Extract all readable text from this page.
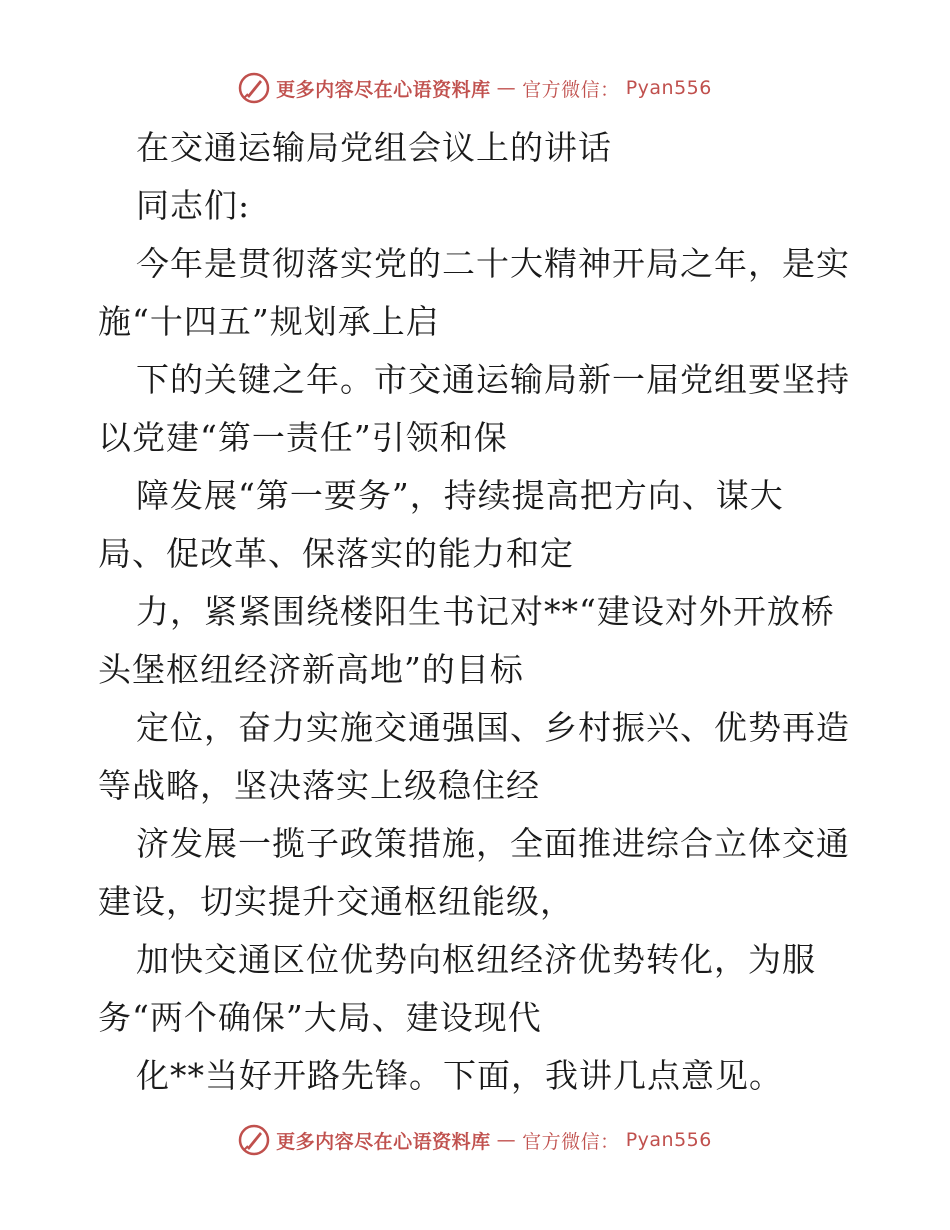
更多内容尽在心语资料库 — 官方微信： Pyan556
在交通运输局党组会议上的讲话
同志们:
今年是贯彻落实党的二十大精神开局之年，是实
施“十四五”规划承上启
下的关键之年。市交通运输局新一届党组要坚持
以党建“第一责任”引领和保
障发展“第一要务”，持续提高把方向、谋大
局、促改革、保落实的能力和定
力，紧紧围绕楼阳生书记对**“建设对外开放桥
头堡枢纽经济新高地”的目标
定位，奋力实施交通强国、乡村振兴、优势再造
等战略，坚决落实上级稳住经
济发展一揽子政策措施，全面推进综合立体交通
建设，切实提升交通枢纽能级，
加快交通区位优势向枢纽经济优势转化，为服
务“两个确保”大局、建设现代
化**当好开路先锋。下面，我讲几点意见。
更多内容尽在心语资料库 — 官方微信： Pyan556
